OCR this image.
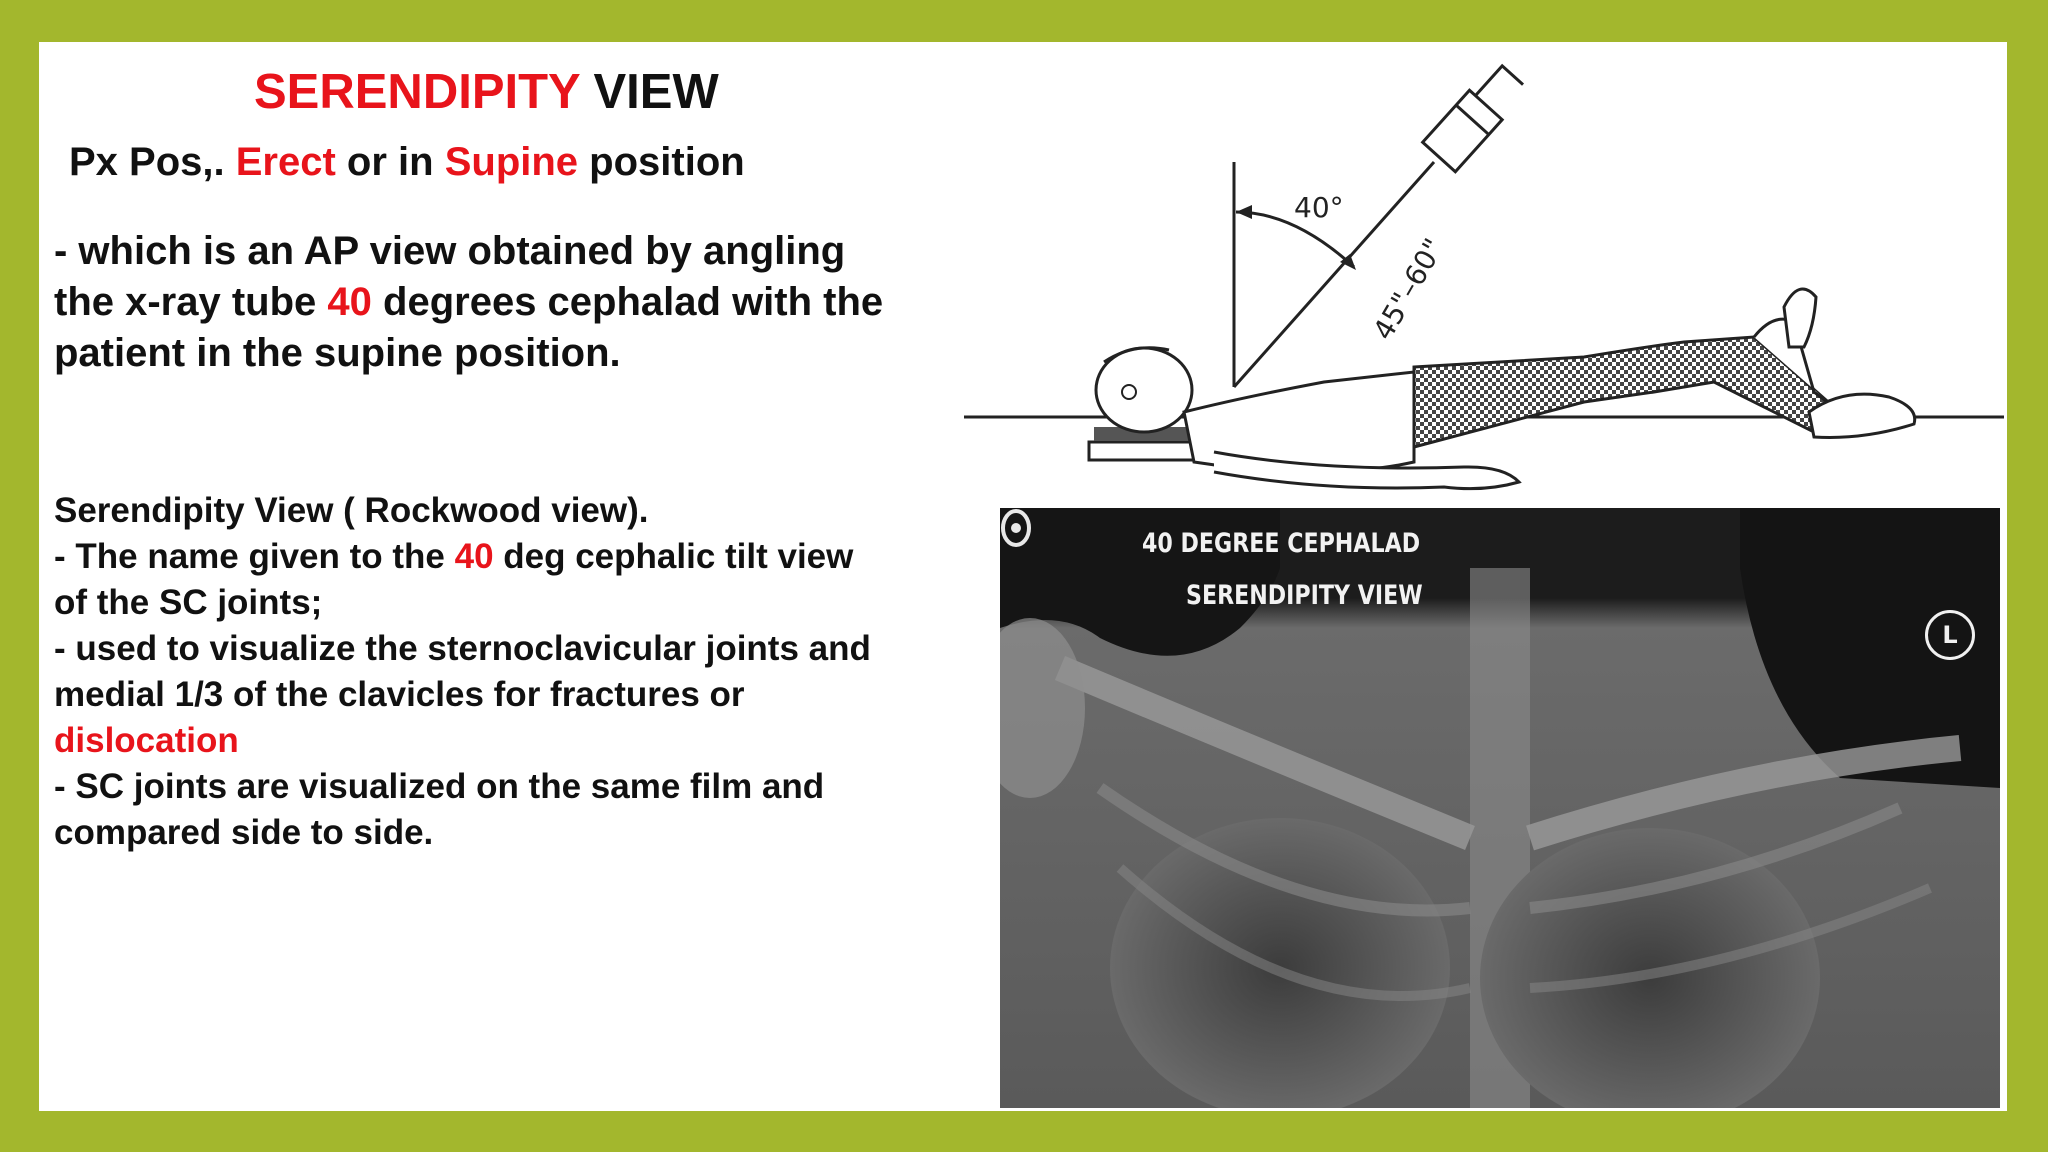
SERENDIPITY VIEW
Px Pos,. Erect or in Supine position
- which is an AP view obtained by angling
the x-ray tube 40 degrees cephalad with the
patient in the supine position.
Serendipity View ( Rockwood view).
- The name given to the 40 deg cephalic tilt view
of the SC joints;
- used to visualize the sternoclavicular joints and
medial 1/3 of the clavicles for fractures or
dislocation
- SC joints are visualized on the same film and
compared side to side.
40°
45"–60"
40 DEGREE CEPHALAD
SERENDIPITY VIEW
L
